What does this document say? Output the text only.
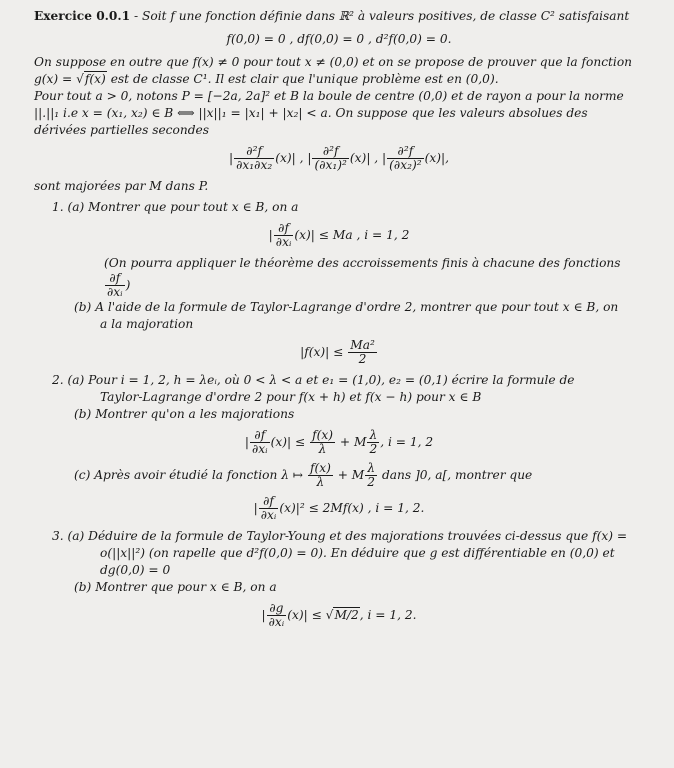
Exercice 0.0.1 - Soit f une fonction définie dans ℝ² à valeurs positives, de classe C² satisfaisant

f(0,0) = 0 , df(0,0) = 0 , d²f(0,0) = 0.

On suppose en outre que f(x) ≠ 0 pour tout x ≠ (0,0) et on se propose de prouver que la fonction
g(x) = √f(x) est de classe C¹. Il est clair que l'unique problème est en (0,0).

Pour tout a > 0, notons P = [−2a, 2a]² et B la boule de centre (0,0) et de rayon a pour la norme
||.||₁ i.e x = (x₁, x₂) ∈ B ⟺ ||x||₁ = |x₁| + |x₂| < a. On suppose que les valeurs absolues des
dérivées partielles secondes

| $\frac{\text{∂²f}}{\text{∂x₁∂x₂}} (x)|$ , | $\frac{\text{∂²f}}{\text{(∂x₁)²}} (x)|$ , | $\frac{\text{∂²f}}{\text{(∂x₂)²}} (x)|$,

sont majorées par M dans P.

1. (a) Montrer que pour tout x ∈ B, on a

| $\frac{\partial f}{\text{∂xᵢ}} (x)| \le Ma$ , i = 1, 2

(On pourra appliquer le théorème des accroissements finis à chacune des fonctions
$\frac{\partial f}{\text{∂xᵢ}}$ )

(b) A l'aide de la formule de Taylor-Lagrange d'ordre 2, montrer que pour tout x ∈ B, on
a la majoration

$|f(x)| \le \frac{\text{Ma²}}{2}$

2. (a) Pour i = 1, 2, h = λeᵢ, où 0 < λ < a et e₁ = (1,0), e₂ = (0,1) écrire la formule de
Taylor-Lagrange d'ordre 2 pour f(x + h) et f(x − h) pour x ∈ B

(b) Montrer qu'on a les majorations

| $\frac{\partial f}{\text{∂xᵢ}} (x)| \le \frac{f(x)}{\lambda} + M \frac{\lambda}{2}$ , i = 1, 2

(c) Après avoir étudié la fonction λ ↦ $\frac{f(x)}{\lambda} + M \frac{\lambda}{2}$ dans ]0, a[, montrer que

| $\frac{\partial f}{\text{∂xᵢ}} (x)|^2 \le 2Mf(x)$ , i = 1, 2.

3. (a) Déduire de la formule de Taylor-Young et des majorations trouvées ci-dessus que f(x) =
o(||x||²) (on rapelle que d²f(0,0) = 0). En déduire que g est différentiable en (0,0) et
dg(0,0) = 0

(b) Montrer que pour x ∈ B, on a

| $\frac{\partial g}{\text{∂xᵢ}} (x)| \le √M/2$, i = 1, 2.
